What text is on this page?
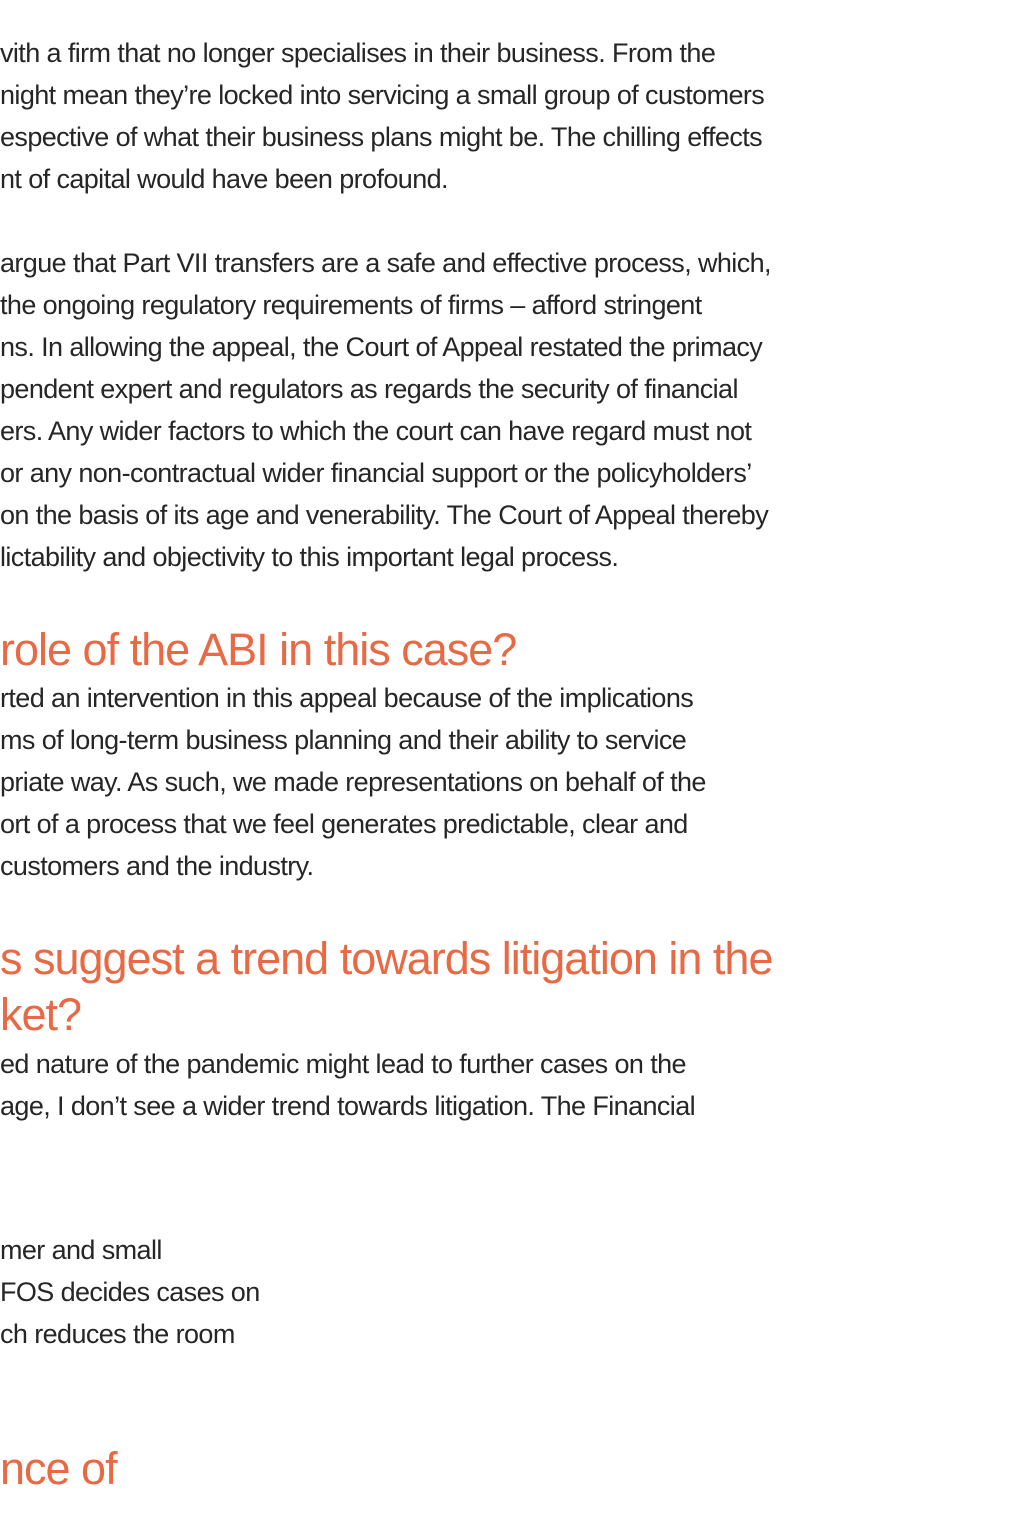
vith a firm that no longer specialises in their business. From the
night mean they’re locked into servicing a small group of customers
espective of what their business plans might be. The chilling effects
nt of capital would have been profound.
argue that Part VII transfers are a safe and effective process, which,
the ongoing regulatory requirements of firms – afford stringent
ns. In allowing the appeal, the Court of Appeal restated the primacy
pendent expert and regulators as regards the security of financial
ers. Any wider factors to which the court can have regard must not
or any non-contractual wider financial support or the policyholders’
on the basis of its age and venerability. The Court of Appeal thereby
lictability and objectivity to this important legal process.
role of the ABI in this case?
rted an intervention in this appeal because of the implications
ms of long-term business planning and their ability to service
priate way. As such, we made representations on behalf of the
ort of a process that we feel generates predictable, clear and
customers and the industry.
s suggest a trend towards litigation in the
ket?
ed nature of the pandemic might lead to further cases on the
age, I don’t see a wider trend towards litigation. The Financial
mer and small
FOS decides cases on
ch reduces the room
nce of
